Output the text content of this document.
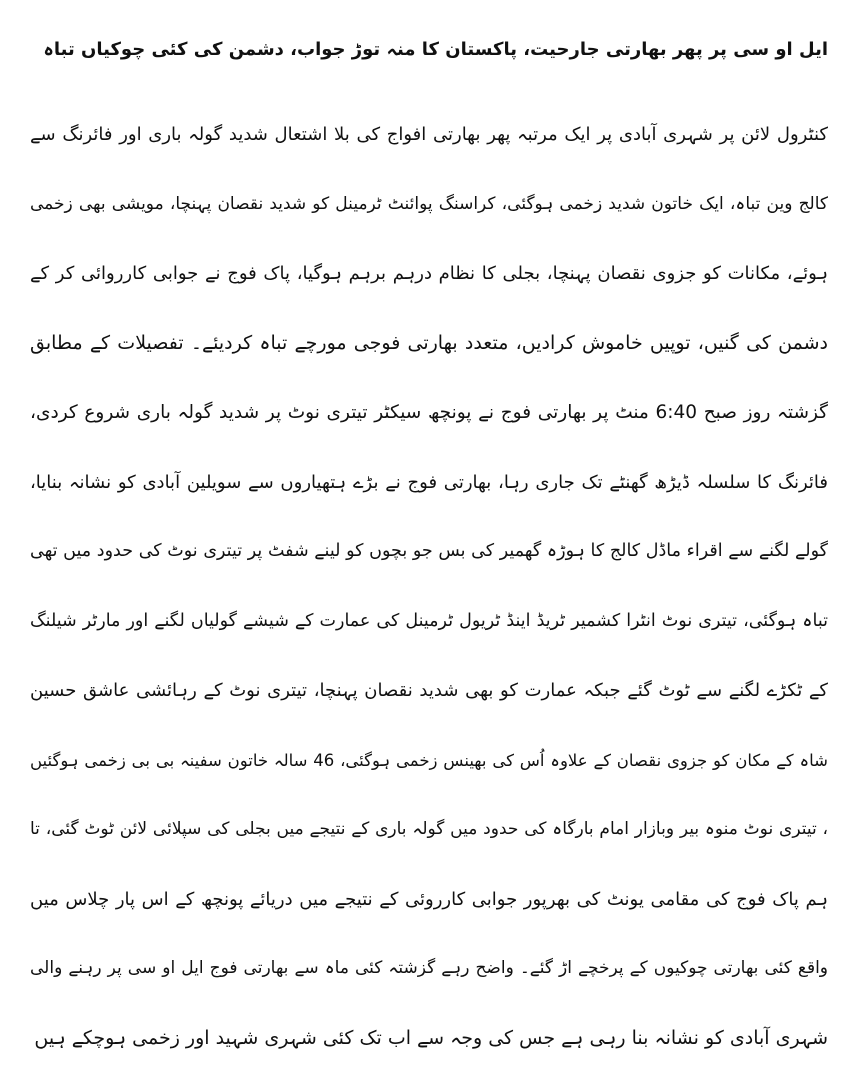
ایل او سی پر پھر بھارتی جارحیت، پاکستان کا منہ توڑ جواب، دشمن کی کئی چوکیاں تباہ
کنٹرول لائن پر شہری آبادی پر ایک مرتبہ پھر بھارتی افواج کی بلا اشتعال شدید گولہ باری اور فائرنگ سے
کالج وین تباہ، ایک خاتون شدید زخمی ہوگئی، کراسنگ پوائنٹ ٹرمینل کو شدید نقصان پہنچا، مویشی بھی زخمی
ہوئے، مکانات کو جزوی نقصان پہنچا، بجلی کا نظام درہم برہم ہوگیا، پاک فوج نے جوابی کارروائی کر کے
دشمن کی گنیں، توپیں خاموش کرادیں، متعدد بھارتی فوجی مورچے تباہ کردیئے۔ تفصیلات کے مطابق
گزشتہ روز صبح 6:40 منٹ پر بھارتی فوج نے پونچھ سیکٹر تیتری نوٹ پر شدید گولہ باری شروع کردی،
فائرنگ کا سلسلہ ڈیڑھ گھنٹے تک جاری رہا، بھارتی فوج نے بڑے ہتھیاروں سے سویلین آبادی کو نشانہ بنایا،
گولے لگنے سے اقراء ماڈل کالج کا ہوڑہ گھمیر کی بس جو بچوں کو لینے شفٹ پر تیتری نوٹ کی حدود میں تھی
تباہ ہوگئی، تیتری نوٹ انٹرا کشمیر ٹریڈ اینڈ ٹریول ٹرمینل کی عمارت کے شیشے گولیاں لگنے اور مارٹر شیلنگ
کے ٹکڑے لگنے سے ٹوٹ گئے جبکہ عمارت کو بھی شدید نقصان پہنچا، تیتری نوٹ کے رہائشی عاشق حسین
شاہ کے مکان کو جزوی نقصان کے علاوہ اُس کی بھینس زخمی ہوگئی، 46 سالہ خاتون سفینہ بی بی زخمی ہوگئیں
، تیتری نوٹ منوہ بیر وبازار امام بارگاہ کی حدود میں گولہ باری کے نتیجے میں بجلی کی سپلائی لائن ٹوٹ گئی، تا
ہم پاک فوج کی مقامی یونٹ کی بھرپور جوابی کارروئی کے نتیجے میں دریائے پونچھ کے اس پار چلاس میں
واقع کئی بھارتی چوکیوں کے پرخچے اڑ گئے۔ واضح رہے گزشتہ کئی ماہ سے بھارتی فوج ایل او سی پر رہنے والی
شہری آبادی کو نشانہ بنا رہی ہے جس کی وجہ سے اب تک کئی شہری شہید اور زخمی ہوچکے ہیں
